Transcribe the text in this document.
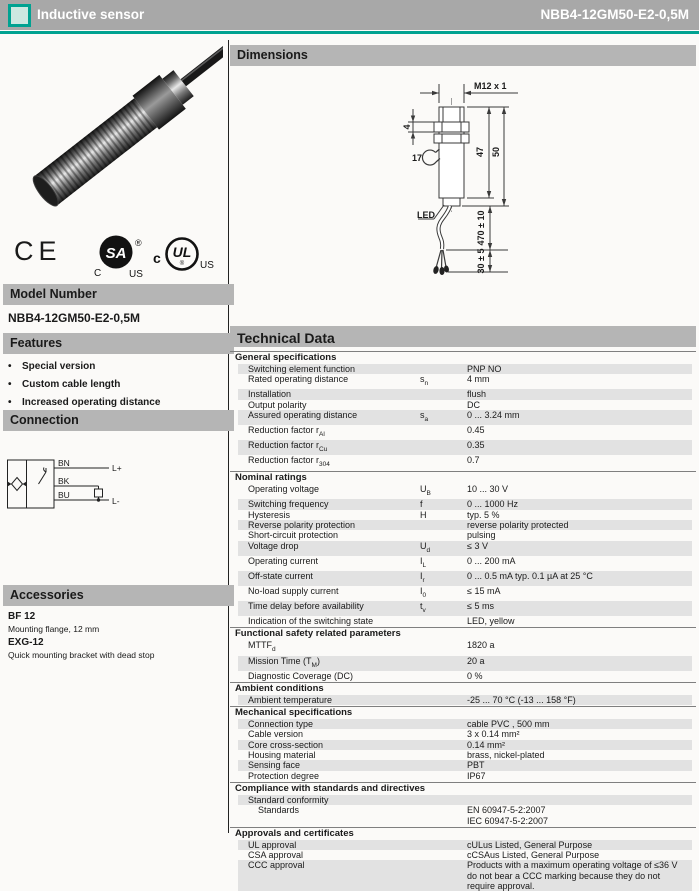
Inductive sensor	NBB4-12GM50-E2-0,5M
CE	SA
®
C	US
c UL
® US
Model Number
NBB4-12GM50-E2-0,5M
Features
•	Special version
•	Custom cable length
•	Increased operating distance
Connection
BN
BK
BU
L+
L-
Accessories
BF 12
Mounting flange, 12 mm
EXG-12
Quick mounting bracket with dead stop
Dimensions
M12 x 1
4
17
47 50
470 ± 10
30 ± 5
LED
Technical Data
General specifications
Switching element function	PNP NO
Rated operating distance	$s_n$	4 mm
Installation	flush
Output polarity	DC
Assured operating distance	$s_a$	0 ... 3.24 mm
Reduction factor $r_{Al}$	0.45
Reduction factor $r_{Cu}$	0.35
Reduction factor $r_{304}$	0.7
Nominal ratings
Operating voltage	$U_B$	10 ... 30 V
Switching frequency	f	0 ... 1000 Hz
Hysteresis	H	typ. 5 %
Reverse polarity protection	reverse polarity protected
Short-circuit protection	pulsing
Voltage drop	$U_d$	≤ 3 V
Operating current	$I_L$	0 ... 200 mA
Off-state current	$I_r$	0 ... 0.5 mA typ. 0.1 µA at 25 °C
No-load supply current	$I_0$	≤ 15 mA
Time delay before availability	$t_v$	≤ 5 ms
Indication of the switching state	LED, yellow
Functional safety related parameters
$MTTF_d$	1820 a
Mission Time $(T_M)$	20 a
Diagnostic Coverage (DC)	0 %
Ambient conditions
Ambient temperature	-25 ... 70 °C (-13 ... 158 °F)
Mechanical specifications
Connection type	cable PVC , 500 mm
Cable version	3 x 0.14 mm²
Core cross-section	0.14 mm²
Housing material	brass, nickel-plated
Sensing face	PBT
Protection degree	IP67
Compliance with standards and directives
Standard conformity
Standards	EN 60947-5-2:2007
IEC 60947-5-2:2007
Approvals and certificates
UL approval	cULus Listed, General Purpose
CSA approval	cCSAus Listed, General Purpose
CCC approval	Products with a maximum operating voltage of ≤36 V do not bear a CCC marking because they do not require approval.
